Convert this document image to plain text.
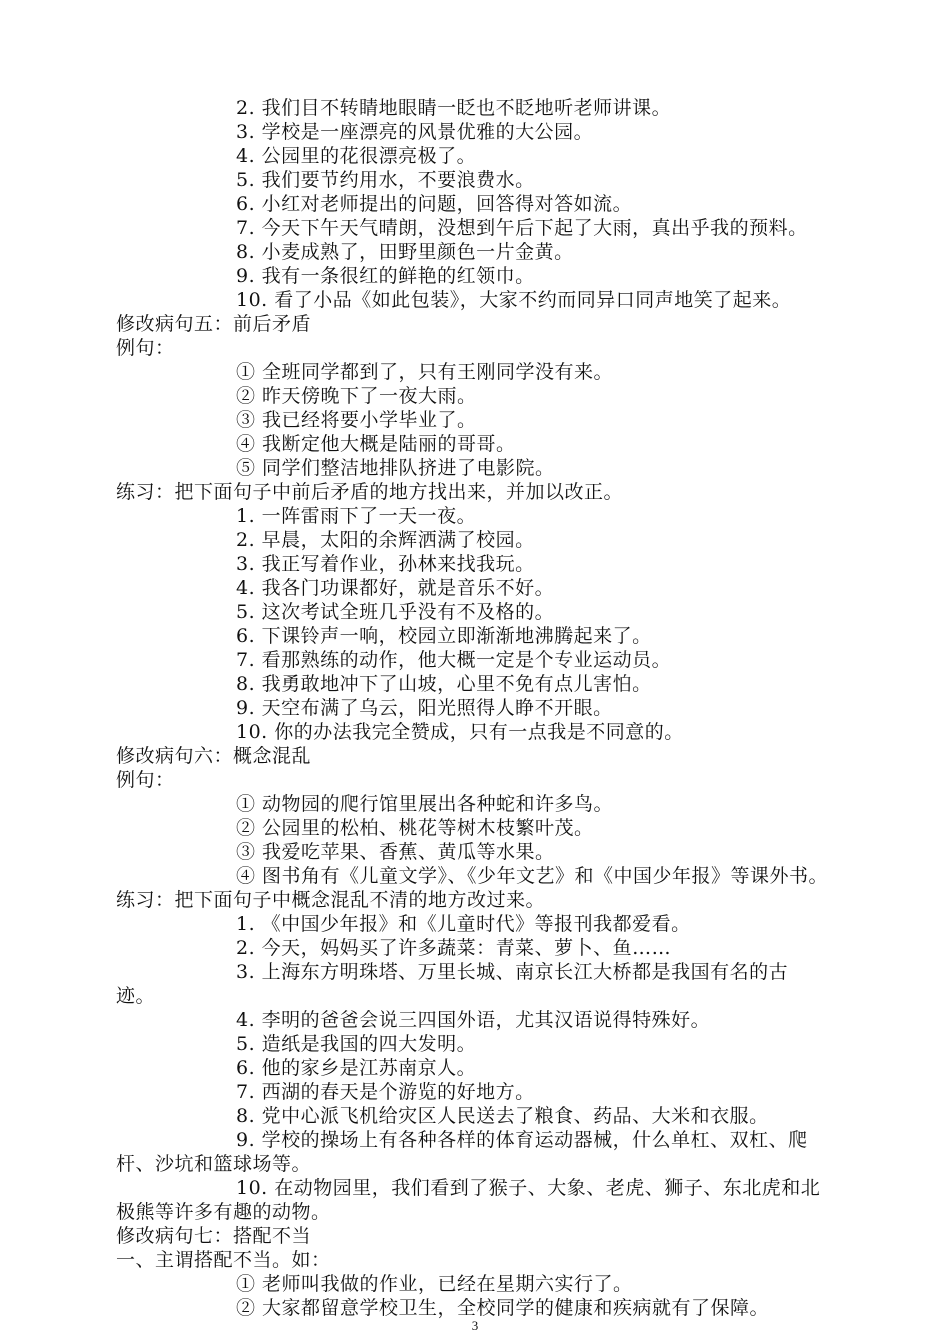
2. 我们目不转睛地眼睛一眨也不眨地听老师讲课。
3. 学校是一座漂亮的风景优雅的大公园。
4. 公园里的花很漂亮极了。
5. 我们要节约用水，不要浪费水。
6. 小红对老师提出的问题，回答得对答如流。
7. 今天下午天气晴朗，没想到午后下起了大雨，真出乎我的预料。
8. 小麦成熟了，田野里颜色一片金黄。
9. 我有一条很红的鲜艳的红领巾。
10. 看了小品《如此包装》，大家不约而同异口同声地笑了起来。
修改病句五：前后矛盾
例句：
① 全班同学都到了，只有王刚同学没有来。
② 昨天傍晚下了一夜大雨。
③ 我已经将要小学毕业了。
④ 我断定他大概是陆丽的哥哥。
⑤ 同学们整洁地排队挤进了电影院。
练习：把下面句子中前后矛盾的地方找出来，并加以改正。
1. 一阵雷雨下了一天一夜。
2. 早晨，太阳的余辉洒满了校园。
3. 我正写着作业，孙林来找我玩。
4. 我各门功课都好，就是音乐不好。
5. 这次考试全班几乎没有不及格的。
6. 下课铃声一响，校园立即渐渐地沸腾起来了。
7. 看那熟练的动作，他大概一定是个专业运动员。
8. 我勇敢地冲下了山坡，心里不免有点儿害怕。
9. 天空布满了乌云，阳光照得人睁不开眼。
10. 你的办法我完全赞成，只有一点我是不同意的。
修改病句六：概念混乱
例句：
① 动物园的爬行馆里展出各种蛇和许多鸟。
② 公园里的松柏、桃花等树木枝繁叶茂。
③ 我爱吃苹果、香蕉、黄瓜等水果。
④ 图书角有《儿童文学》、《少年文艺》和《中国少年报》等课外书。
练习：把下面句子中概念混乱不清的地方改过来。
1. 《中国少年报》和《儿童时代》等报刊我都爱看。
2. 今天，妈妈买了许多蔬菜：青菜、萝卜、鱼……
3. 上海东方明珠塔、万里长城、南京长江大桥都是我国有名的古
迹。
4. 李明的爸爸会说三四国外语，尤其汉语说得特殊好。
5. 造纸是我国的四大发明。
6. 他的家乡是江苏南京人。
7. 西湖的春天是个游览的好地方。
8. 党中心派飞机给灾区人民送去了粮食、药品、大米和衣服。
9. 学校的操场上有各种各样的体育运动器械，什么单杠、双杠、爬
杆、沙坑和篮球场等。
10. 在动物园里，我们看到了猴子、大象、老虎、狮子、东北虎和北
极熊等许多有趣的动物。
修改病句七：搭配不当
一、主谓搭配不当。如：
① 老师叫我做的作业，已经在星期六实行了。
② 大家都留意学校卫生，全校同学的健康和疾病就有了保障。
3
